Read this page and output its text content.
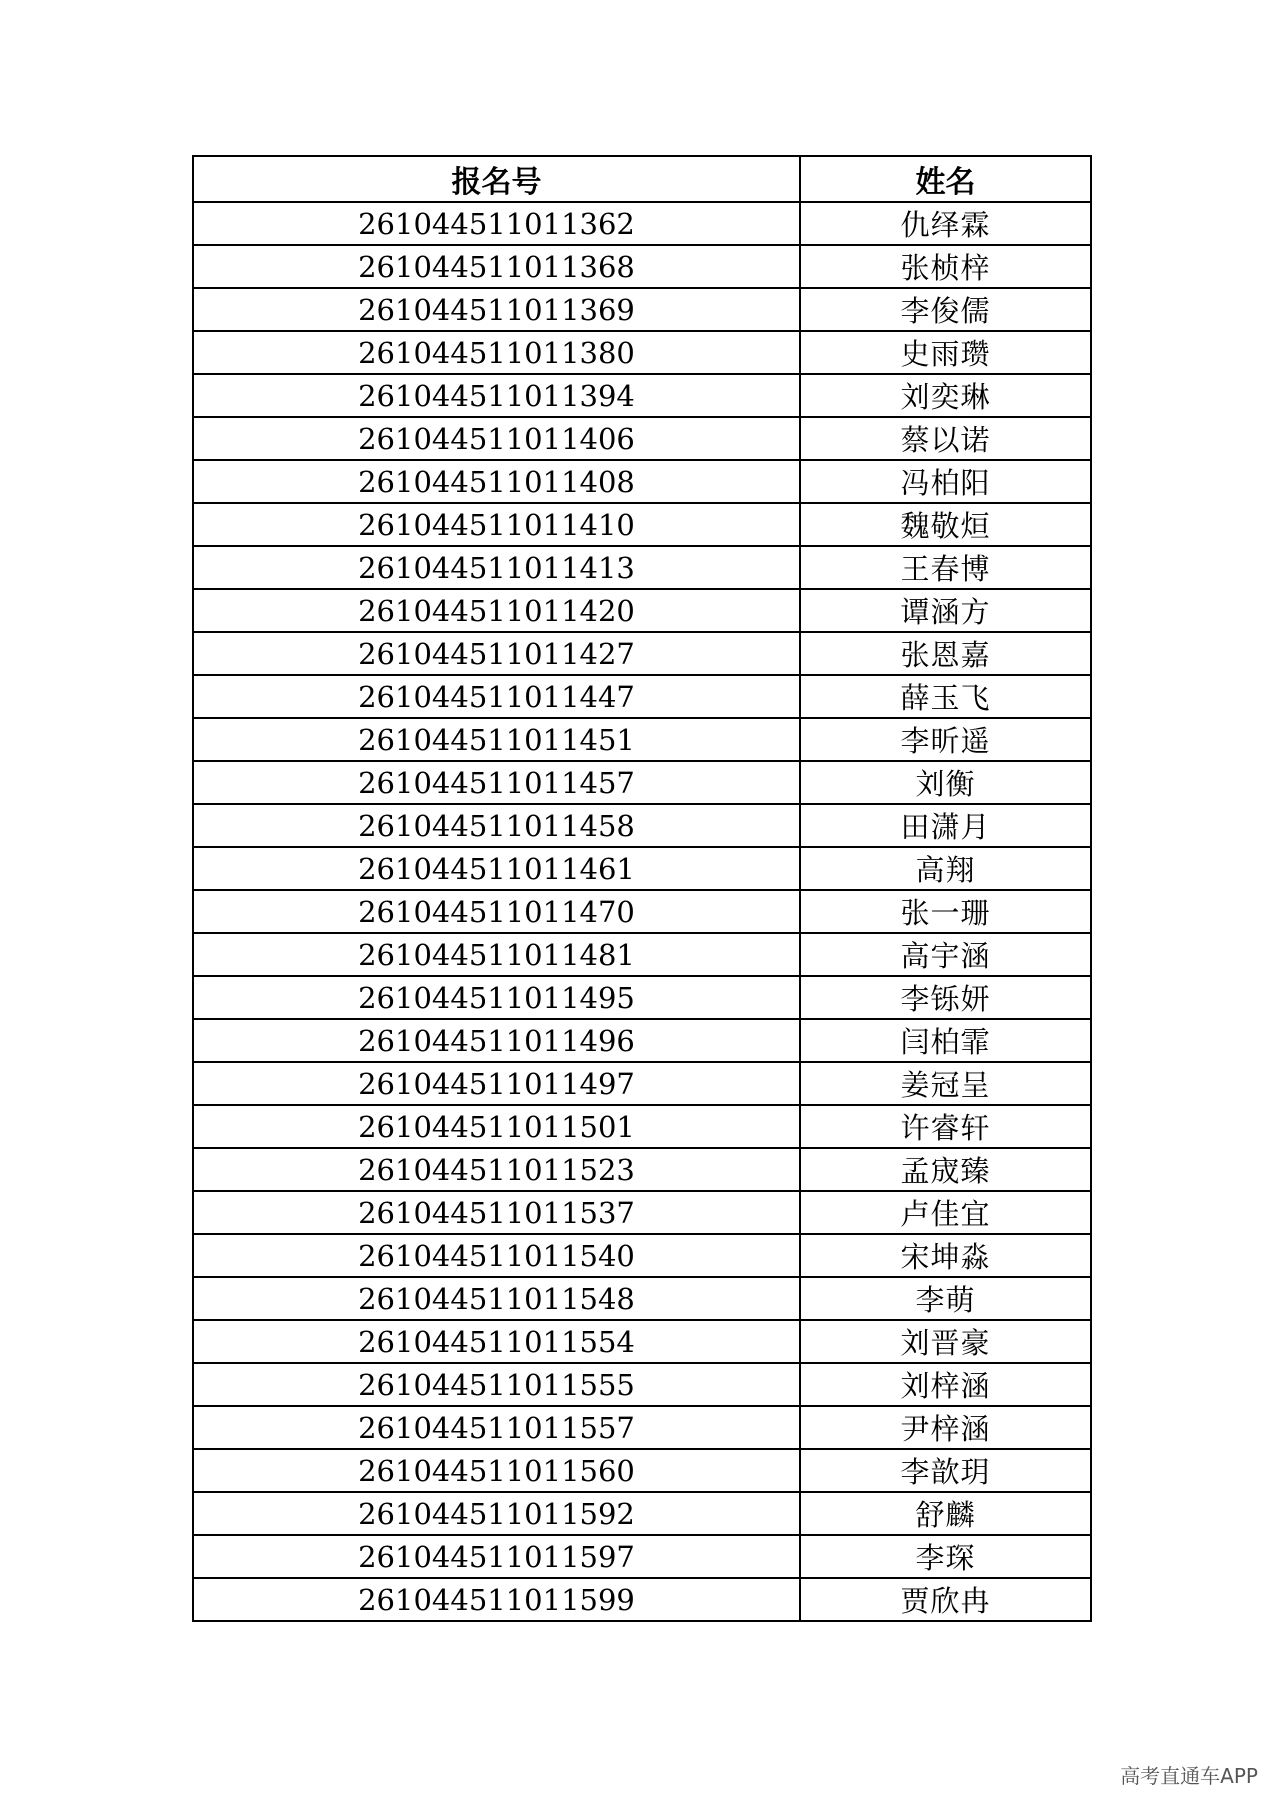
报名号	姓名
261044511011362	仇绎霖
261044511011368	张桢梓
261044511011369	李俊儒
261044511011380	史雨瓒
261044511011394	刘奕琳
261044511011406	蔡以诺
261044511011408	冯柏阳
261044511011410	魏敬烜
261044511011413	王春博
261044511011420	谭涵方
261044511011427	张恩嘉
261044511011447	薛玉飞
261044511011451	李昕遥
261044511011457	刘衡
261044511011458	田潇月
261044511011461	高翔
261044511011470	张一珊
261044511011481	高宇涵
261044511011495	李铄妍
261044511011496	闫柏霏
261044511011497	姜冠呈
261044511011501	许睿轩
261044511011523	孟宬臻
261044511011537	卢佳宜
261044511011540	宋坤淼
261044511011548	李萌
261044511011554	刘晋豪
261044511011555	刘梓涵
261044511011557	尹梓涵
261044511011560	李歆玥
261044511011592	舒麟
261044511011597	李琛
261044511011599	贾欣冉
高考直通车APP
